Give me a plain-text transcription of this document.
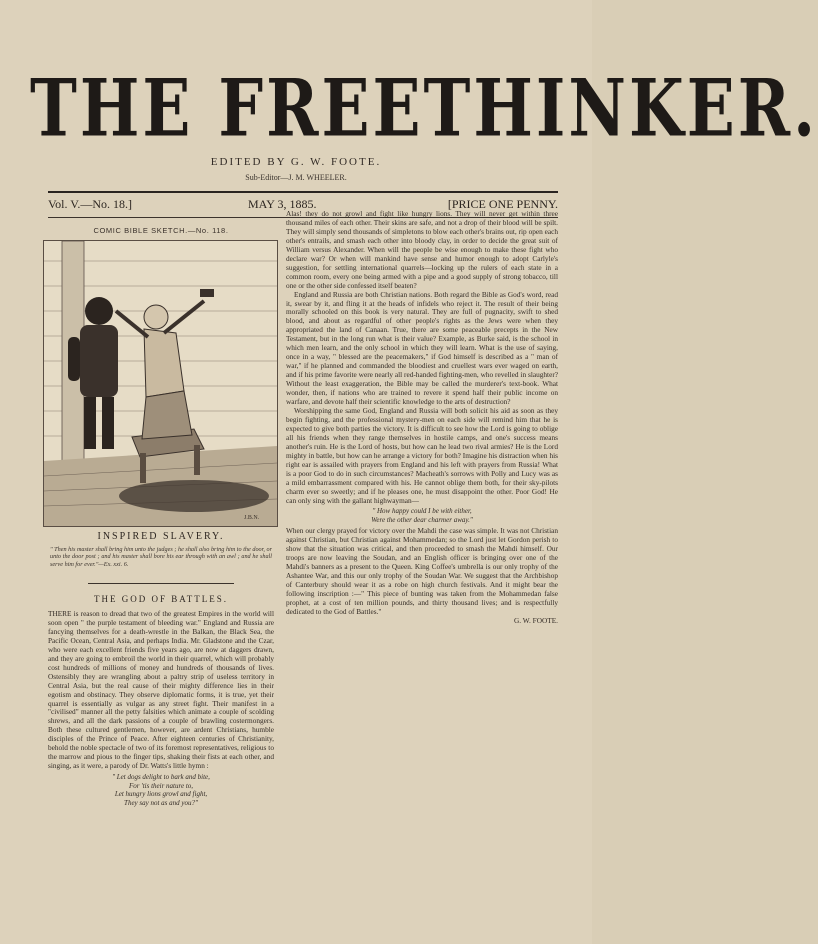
THE FREETHINKER.
EDITED BY G. W. FOOTE.
Sub-Editor—J. M. WHEELER.
Vol. V.—No. 18.]	MAY 3, 1885.	[PRICE ONE PENNY.
COMIC BIBLE SKETCH.—No. 118.
J.B.N.
INSPIRED SLAVERY.
" Then his master shall bring him unto the judges ; he shall also bring him to the door, or unto the door post ; and his master shall bore his ear through with an awl ; and he shall serve him for ever."—Ex. xxi. 6.
THE GOD OF BATTLES.

THERE is reason to dread that two of the greatest Empires in the world will soon open " the purple testament of bleeding war." England and Russia are fancying themselves for a death-wrestle in the Balkan, the Black Sea, the Pacific Ocean, Central Asia, and perhaps India. Mr. Gladstone and the Czar, who were each excellent friends five years ago, are now at daggers drawn, and they are going to embroil the world in their quarrel, which will probably cost hundreds of millions of money and hundreds of thousands of lives. Ostensibly they are wrangling about a paltry strip of useless territory in Central Asia, but the real cause of their mighty difference lies in their egotism and obstinacy. They observe diplomatic forms, it is true, yet their quarrel is essentially as vulgar as any street fight. Their manifest in a "civilised" manner all the petty falsities which animate a couple of scolding shrews, and all the dark passions of a couple of brawling costermongers. Both these cultured gentlemen, however, are ardent Christians, humble disciples of the Prince of Peace. After eighteen centuries of Christianity, behold the noble spectacle of two of its foremost representatives, religious to the marrow and pious to the finger tips, shaking their fists at each other, and singing, as it were, a parody of Dr. Watts's little hymn :

" Let dogs delight to bark and bite,
For 'tis their nature to,
Let hungry lions growl and fight,
They say not as and you?"

Alas! they do not growl and fight like hungry lions. They will never get within three thousand miles of each other. Their skins are safe, and not a drop of their blood will be spilt. They will simply send thousands of simpletons to blow each other's brains out, rip open each other's entrails, and smash each other into bloody clay, in order to decide the great suit of William versus Alexander. When will the people be wise enough to make these fight who declare war? Or when will mankind have sense and humor enough to adopt Carlyle's suggestion, for settling international quarrels—locking up the rulers of each state in a common room, every one being armed with a pipe and a good supply of strong tobacco, till one or the other side confessed itself beaten?

England and Russia are both Christian nations. Both regard the Bible as God's word, read it, swear by it, and fling it at the heads of infidels who reject it. The result of their being morally schooled on this book is very natural. They are full of pugnacity, swift to shed blood, and about as regardful of other people's rights as the Jews were when they appropriated the land of Canaan. True, there are some peaceable precepts in the New Testament, but in the long run what is their value? Example, as Burke said, is the school in which men learn, and the only school in which they will learn. What is the use of saying, once in a way, " blessed are the peacemakers," if God himself is described as a " man of war," if he planned and commanded the bloodiest and cruellest wars ever waged on earth, and if his prime favorite were nearly all red-handed fighting-men, who revelled in slaughter? Without the least exaggeration, the Bible may be called the murderer's text-book. What wonder, then, if nations who are trained to revere it spend half their public income on warfare, and devote half their scientific knowledge to the arts of destruction?

Worshipping the same God, England and Russia will both solicit his aid as soon as they begin fighting, and the professional mystery-men on each side will remind him that he is expected to give both parties the victory. It is difficult to see how the Lord is going to oblige all his friends when they range themselves in hostile camps, and one's success means another's ruin. He is the Lord of hosts, but how can he lead two rival armies? He is the Lord mighty in battle, but how can he arrange a victory for both? Imagine his distraction when his right ear is assailed with prayers from England and his left with prayers from Russia! What is a poor God to do in such circumstances? Macheath's sorrows with Polly and Lucy was as a mild embarrassment compared with his. He cannot oblige them both, for their sky-pilots charm ever so sweetly; and if he pleases one, he must disappoint the other. Poor God! He can only sing with the gallant highwayman—

" How happy could I be with either,
Were the other dear charmer away."

When our clergy prayed for victory over the Mahdi the case was simple. It was not Christian against Christian, but Christian against Mohammedan; so the Lord just let Gordon perish to show that the situation was critical, and then proceeded to smash the Mahdi himself. Our troops are now leaving the Soudan, and an English officer is bringing over one of the Mahdi's banners as a present to the Queen. King Coffee's umbrella is our only trophy of the Ashantee War, and this our only trophy of the Soudan War. We suggest that the Archbishop of Canterbury should wear it as a robe on high church festivals. And it might bear the following inscription :—" This piece of bunting was taken from the Mohammedan false prophet, at a cost of ten million pounds, and thirty thousand lives; and is respectfully dedicated to the God of Battles."

G. W. FOOTE.
